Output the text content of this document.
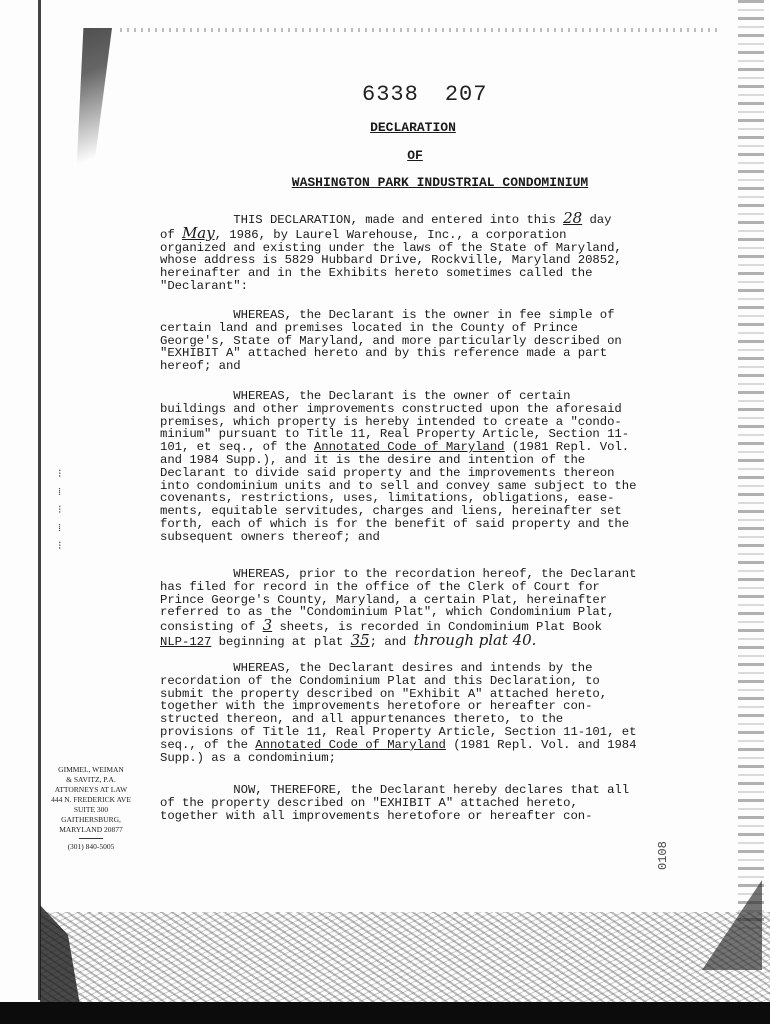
6338 207
DECLARATION
OF
WASHINGTON PARK INDUSTRIAL CONDOMINIUM
THIS DECLARATION, made and entered into this 28 day
of May, 1986, by Laurel Warehouse, Inc., a corporation
organized and existing under the laws of the State of Maryland,
whose address is 5829 Hubbard Drive, Rockville, Maryland 20852,
hereinafter and in the Exhibits hereto sometimes called the
"Declarant":
WHEREAS, the Declarant is the owner in fee simple of
certain land and premises located in the County of Prince
George's, State of Maryland, and more particularly described on
"EXHIBIT A" attached hereto and by this reference made a part
hereof; and
WHEREAS, the Declarant is the owner of certain
buildings and other improvements constructed upon the aforesaid
premises, which property is hereby intended to create a "condo-
minium" pursuant to Title 11, Real Property Article, Section 11-
101, et seq., of the Annotated Code of Maryland (1981 Repl. Vol.
and 1984 Supp.), and it is the desire and intention of the
Declarant to divide said property and the improvements thereon
into condominium units and to sell and convey same subject to the
covenants, restrictions, uses, limitations, obligations, ease-
ments, equitable servitudes, charges and liens, hereinafter set
forth, each of which is for the benefit of said property and the
subsequent owners thereof; and
WHEREAS, prior to the recordation hereof, the Declarant
has filed for record in the office of the Clerk of Court for
Prince George's County, Maryland, a certain Plat, hereinafter
referred to as the "Condominium Plat", which Condominium Plat,
consisting of 3 sheets, is recorded in Condominium Plat Book
NLP-127 beginning at plat 35; and through plat 40.
WHEREAS, the Declarant desires and intends by the
recordation of the Condominium Plat and this Declaration, to
submit the property described on "Exhibit A" attached hereto,
together with the improvements heretofore or hereafter con-
structed thereon, and all appurtenances thereto, to the
provisions of Title 11, Real Property Article, Section 11-101, et
seq., of the Annotated Code of Maryland (1981 Repl. Vol. and 1984
Supp.) as a condominium;
NOW, THEREFORE, the Declarant hereby declares that all
of the property described on "EXHIBIT A" attached hereto,
together with all improvements heretofore or hereafter con-
⁝
⁞
⁝
⁞
⁝
GIMMEL, WEIMAN
& SAVITZ, P.A.
ATTORNEYS AT LAW
444 N. FREDERICK AVE
SUITE 300
GAITHERSBURG,
MARYLAND 20877
(301) 840-5005	0108
